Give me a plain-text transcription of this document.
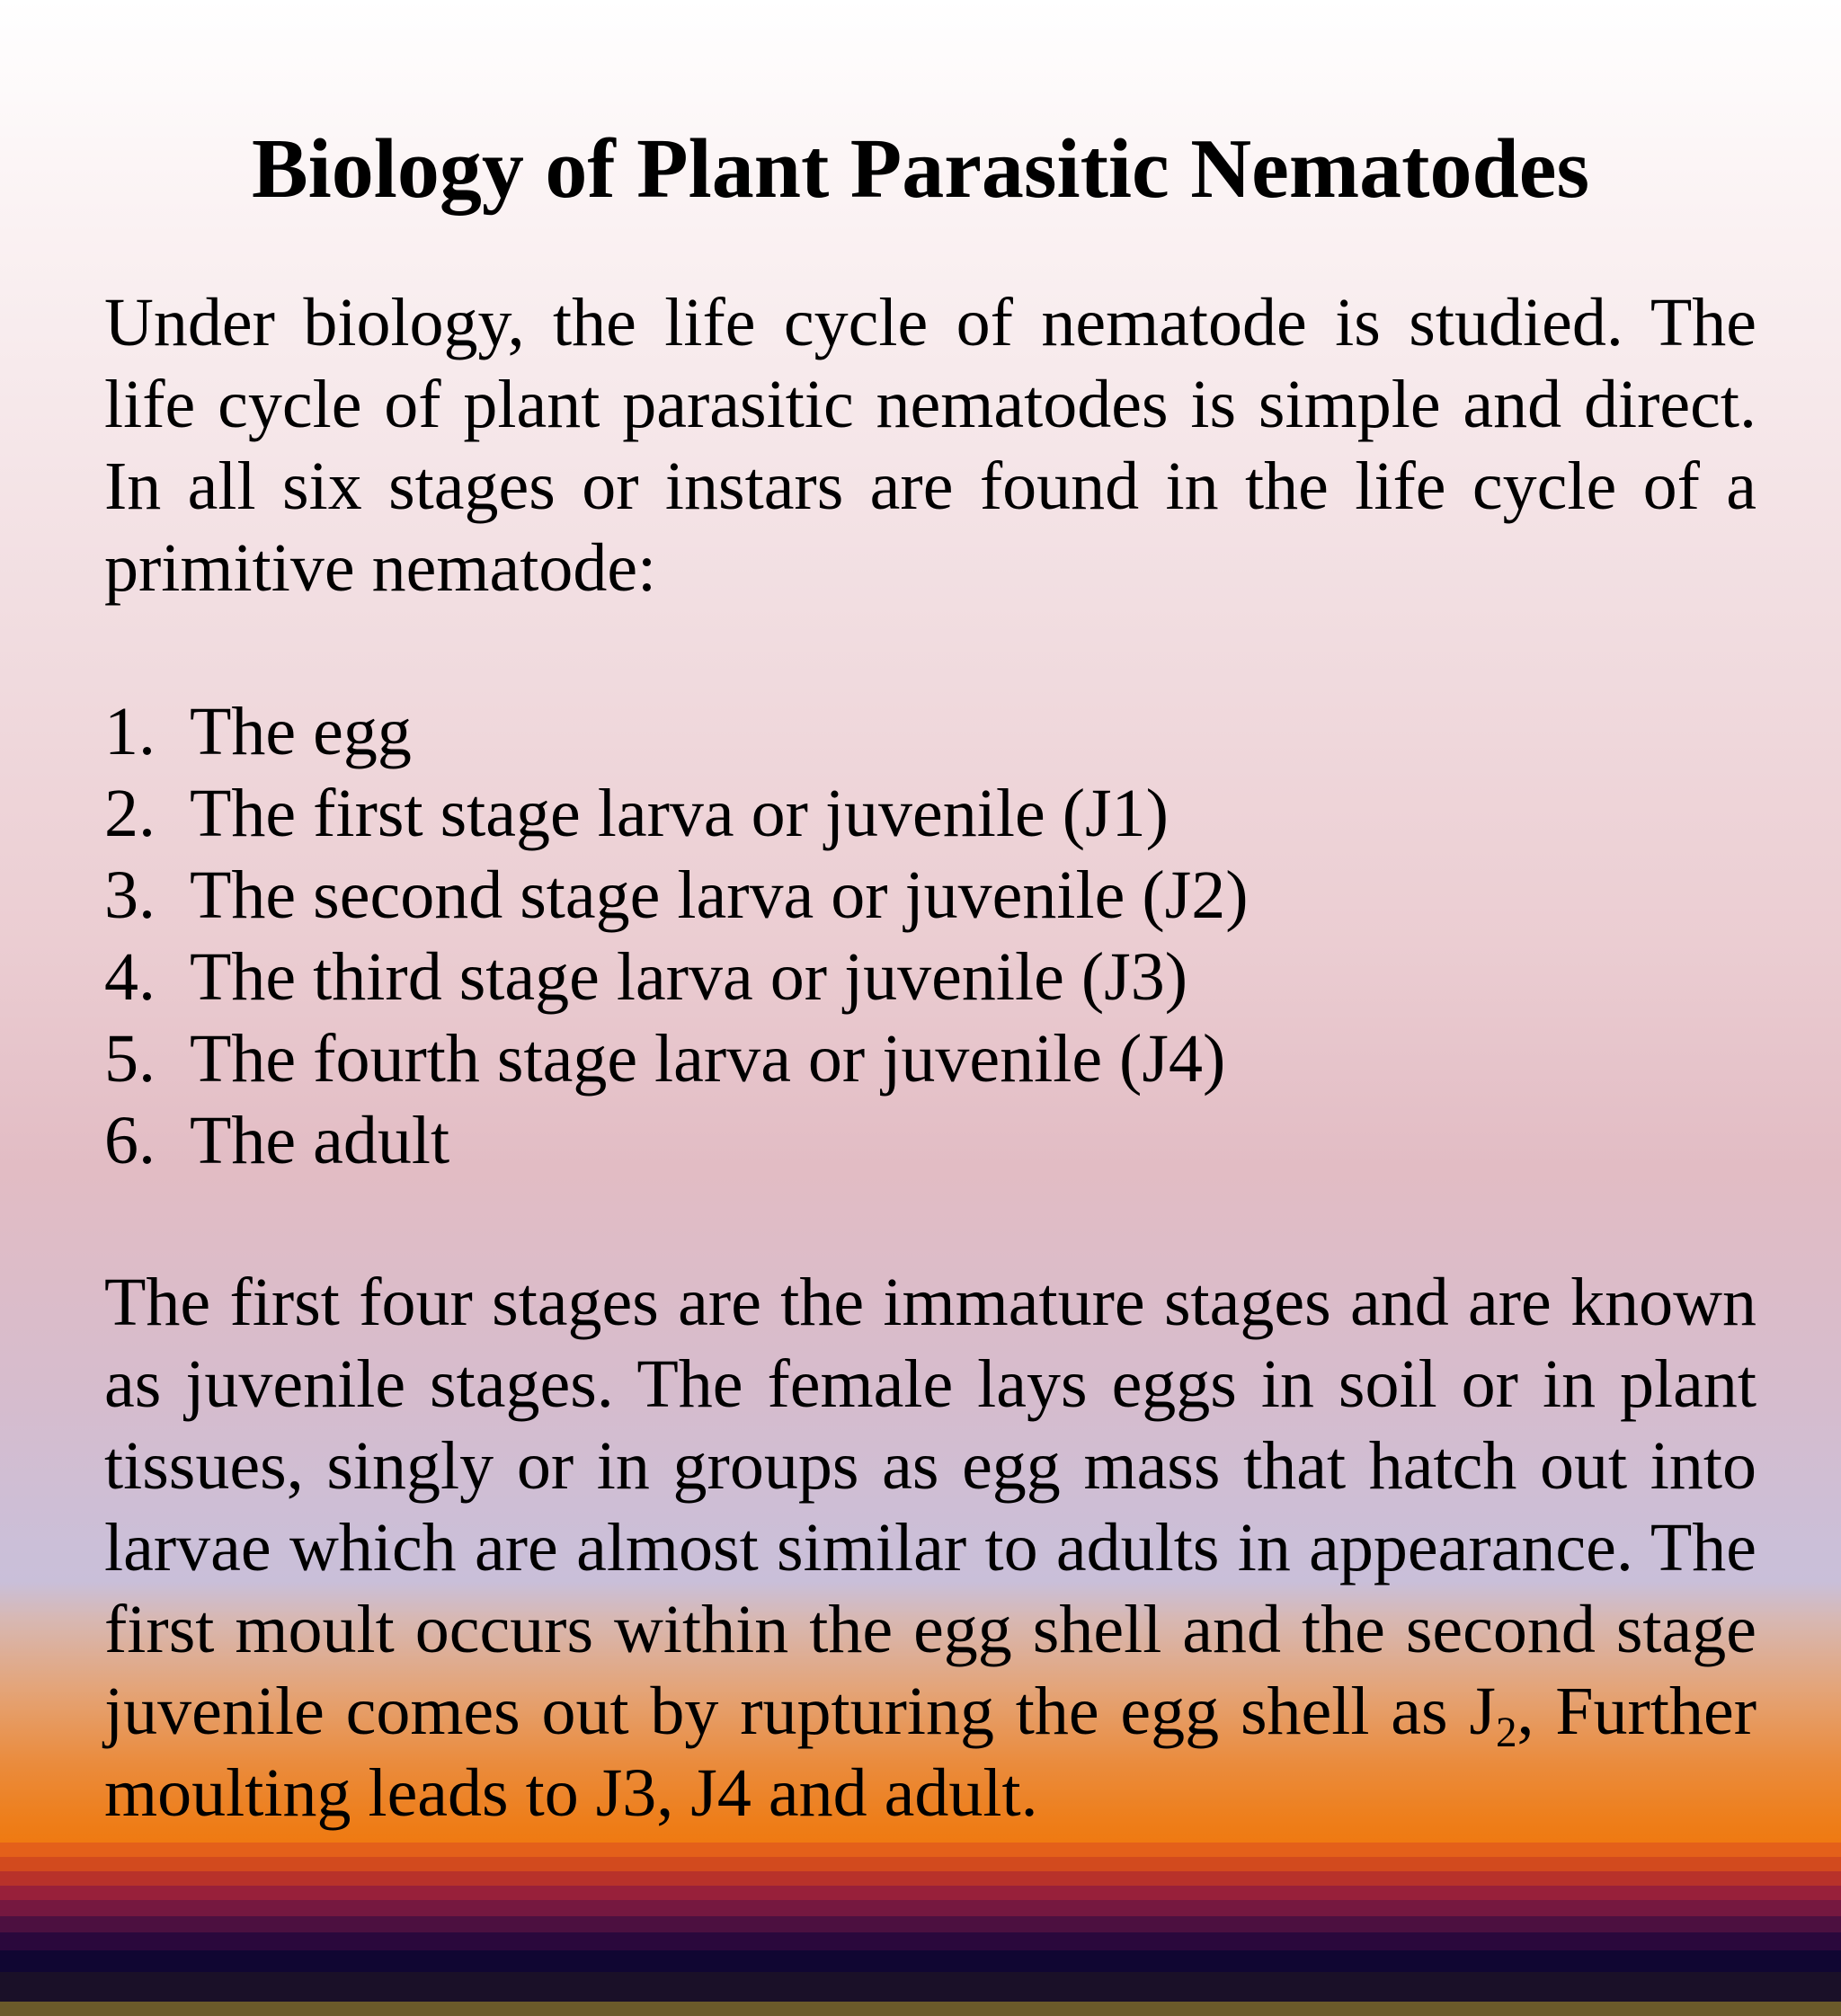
Biology of Plant Parasitic Nematodes

Under biology, the life cycle of nematode is studied. The life cycle of plant parasitic nematodes is simple and direct. In all six stages or instars are found in the life cycle of a primitive nematode:

1. The egg
2. The first stage larva or juvenile (J1)
3. The second stage larva or juvenile (J2)
4. The third stage larva or juvenile (J3)
5. The fourth stage larva or juvenile (J4)
6. The adult

The first four stages are the immature stages and are known as juvenile stages. The female lays eggs in soil or in plant tissues, singly or in groups as egg mass that hatch out into larvae which are almost similar to adults in appearance. The first moult occurs within the egg shell and the second stage juvenile comes out by rupturing the egg shell as $J_2$, Further moulting leads to J3, J4 and adult.
